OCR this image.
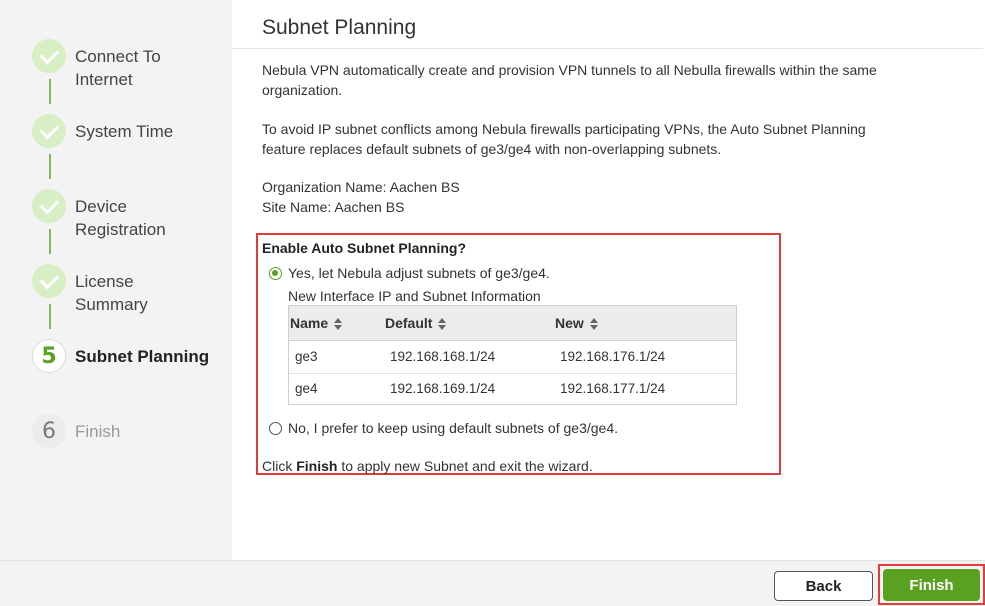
Connect To
Internet
System Time
Device
Registration
License
Summary
5 Subnet Planning
6 Finish
Subnet Planning
Nebula VPN automatically create and provision VPN tunnels to all Nebulla firewalls within the same
organization.
To avoid IP subnet conflicts among Nebula firewalls participating VPNs, the Auto Subnet Planning
feature replaces default subnets of ge3/ge4 with non-overlapping subnets.
Organization Name: Aachen BS
Site Name: Aachen BS
Enable Auto Subnet Planning?
Yes, let Nebula adjust subnets of ge3/ge4.
New Interface IP and Subnet Information
Name	Default	New
ge3	192.168.168.1/24	192.168.176.1/24
ge4	192.168.169.1/24	192.168.177.1/24
No, I prefer to keep using default subnets of ge3/ge4.
Click Finish to apply new Subnet and exit the wizard.
Back	Finish
